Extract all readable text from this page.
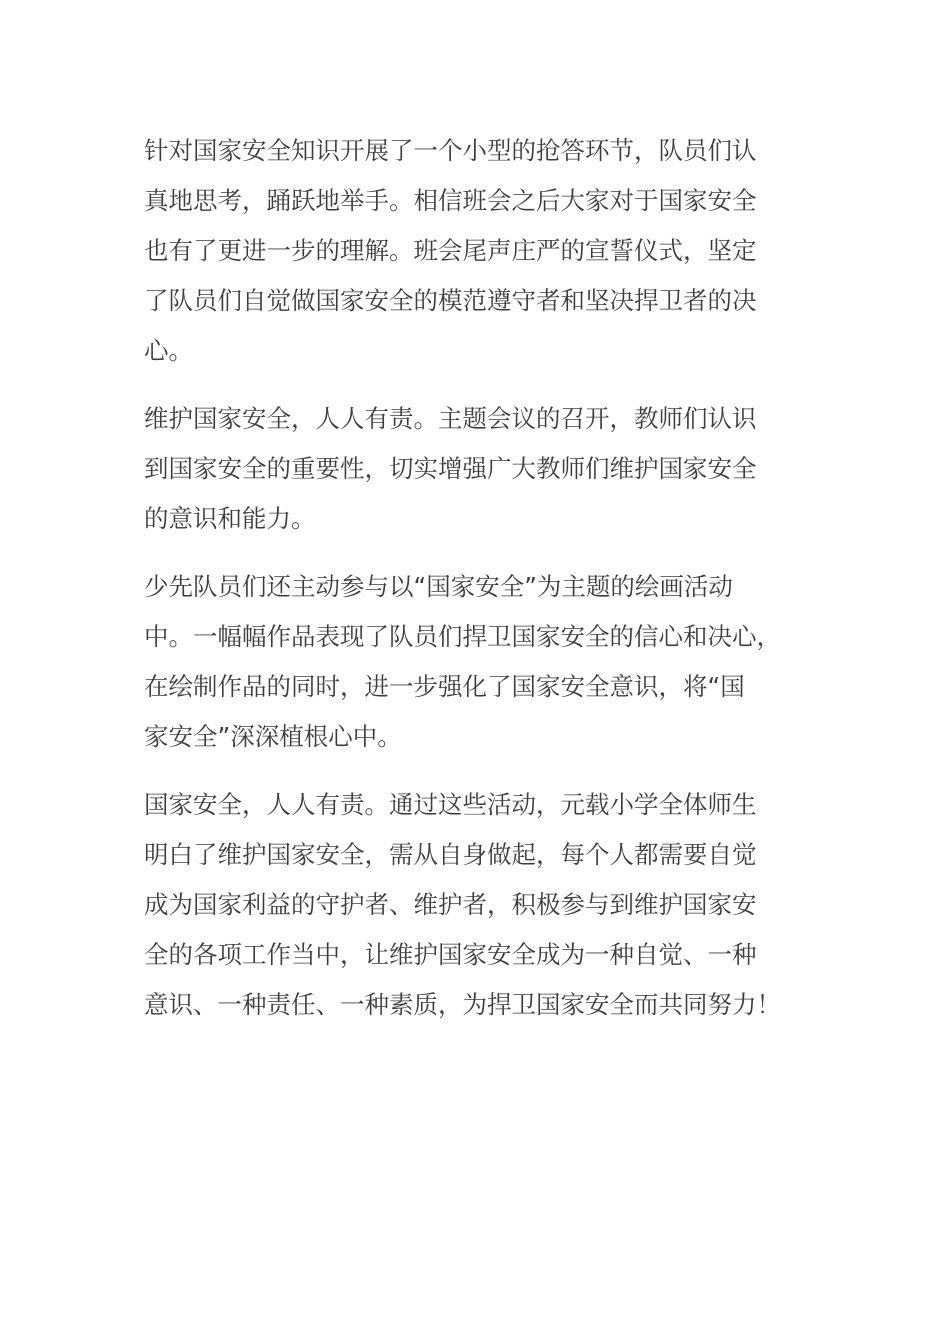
针对国家安全知识开展了一个小型的抢答环节，队员们认
真地思考，踊跃地举手。相信班会之后大家对于国家安全
也有了更进一步的理解。班会尾声庄严的宣誓仪式，坚定
了队员们自觉做国家安全的模范遵守者和坚决捍卫者的决
心。

维护国家安全，人人有责。主题会议的召开，教师们认识
到国家安全的重要性，切实增强广大教师们维护国家安全
的意识和能力。

少先队员们还主动参与以“国家安全”为主题的绘画活动
中。一幅幅作品表现了队员们捍卫国家安全的信心和决心，
在绘制作品的同时，进一步强化了国家安全意识，将“国
家安全”深深植根心中。

国家安全，人人有责。通过这些活动，元载小学全体师生
明白了维护国家安全，需从自身做起，每个人都需要自觉
成为国家利益的守护者、维护者，积极参与到维护国家安
全的各项工作当中，让维护国家安全成为一种自觉、一种
意识、一种责任、一种素质，为捍卫国家安全而共同努力！
